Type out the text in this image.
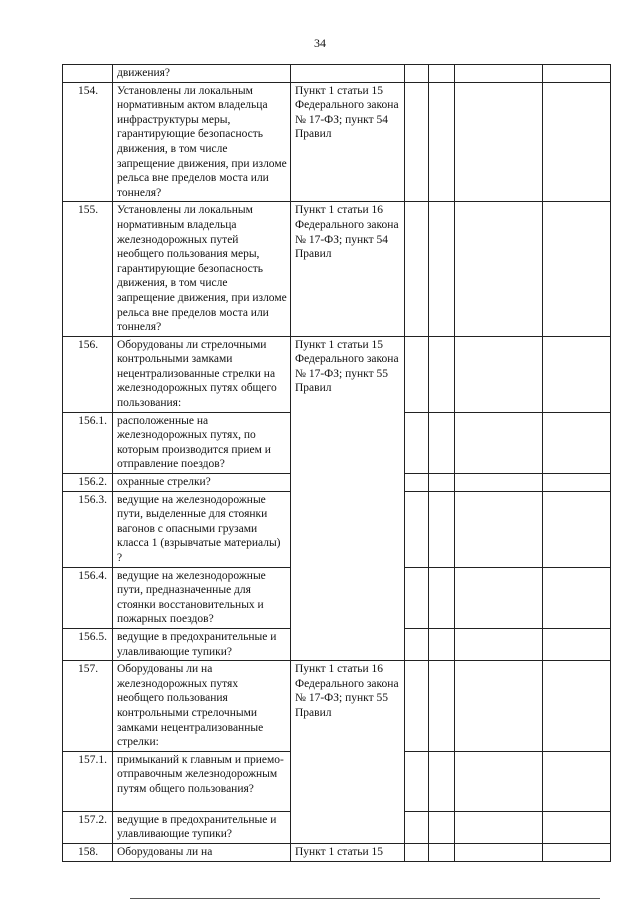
34
	движения?					
154.	Установлены ли локальным нормативным актом владельца инфраструктуры меры, гарантирующие безопасность движения, в том числе запрещение движения, при изломе рельса вне пределов моста или тоннеля?	Пункт 1 статьи 15 Федерального закона № 17-ФЗ; пункт 54 Правил				
155.	Установлены ли локальным нормативным владельца железнодорожных путей необщего пользования меры, гарантирующие безопасность движения, в том числе запрещение движения, при изломе рельса вне пределов моста или тоннеля?	Пункт 1 статьи 16 Федерального закона № 17-ФЗ; пункт 54 Правил				
156.	Оборудованы ли стрелочными контрольными замками нецентрализованные стрелки на железнодорожных путях общего пользования:	Пункт 1 статьи 15 Федерального закона № 17-ФЗ; пункт 55 Правил				
156.1.	расположенные на железнодорожных путях, по которым производится прием и отправление поездов?					
156.2.	охранные стрелки?					
156.3.	ведущие на железнодорожные пути, выделенные для стоянки вагонов с опасными грузами класса 1 (взрывчатые материалы) ?					
156.4.	ведущие на железнодорожные пути, предназначенные для стоянки восстановительных и пожарных поездов?					
156.5.	ведущие в предохранительные и улавливающие тупики?					
157.	Оборудованы ли на железнодорожных путях необщего пользования контрольными стрелочными замками нецентрализованные стрелки:	Пункт 1 статьи 16 Федерального закона № 17-ФЗ; пункт 55 Правил				
157.1.	примыканий к главным и приемо-отправочным железнодорожным путям общего пользования?					
157.2.	ведущие в предохранительные и улавливающие тупики?					
158.	Оборудованы ли на	Пункт 1 статьи 15				
